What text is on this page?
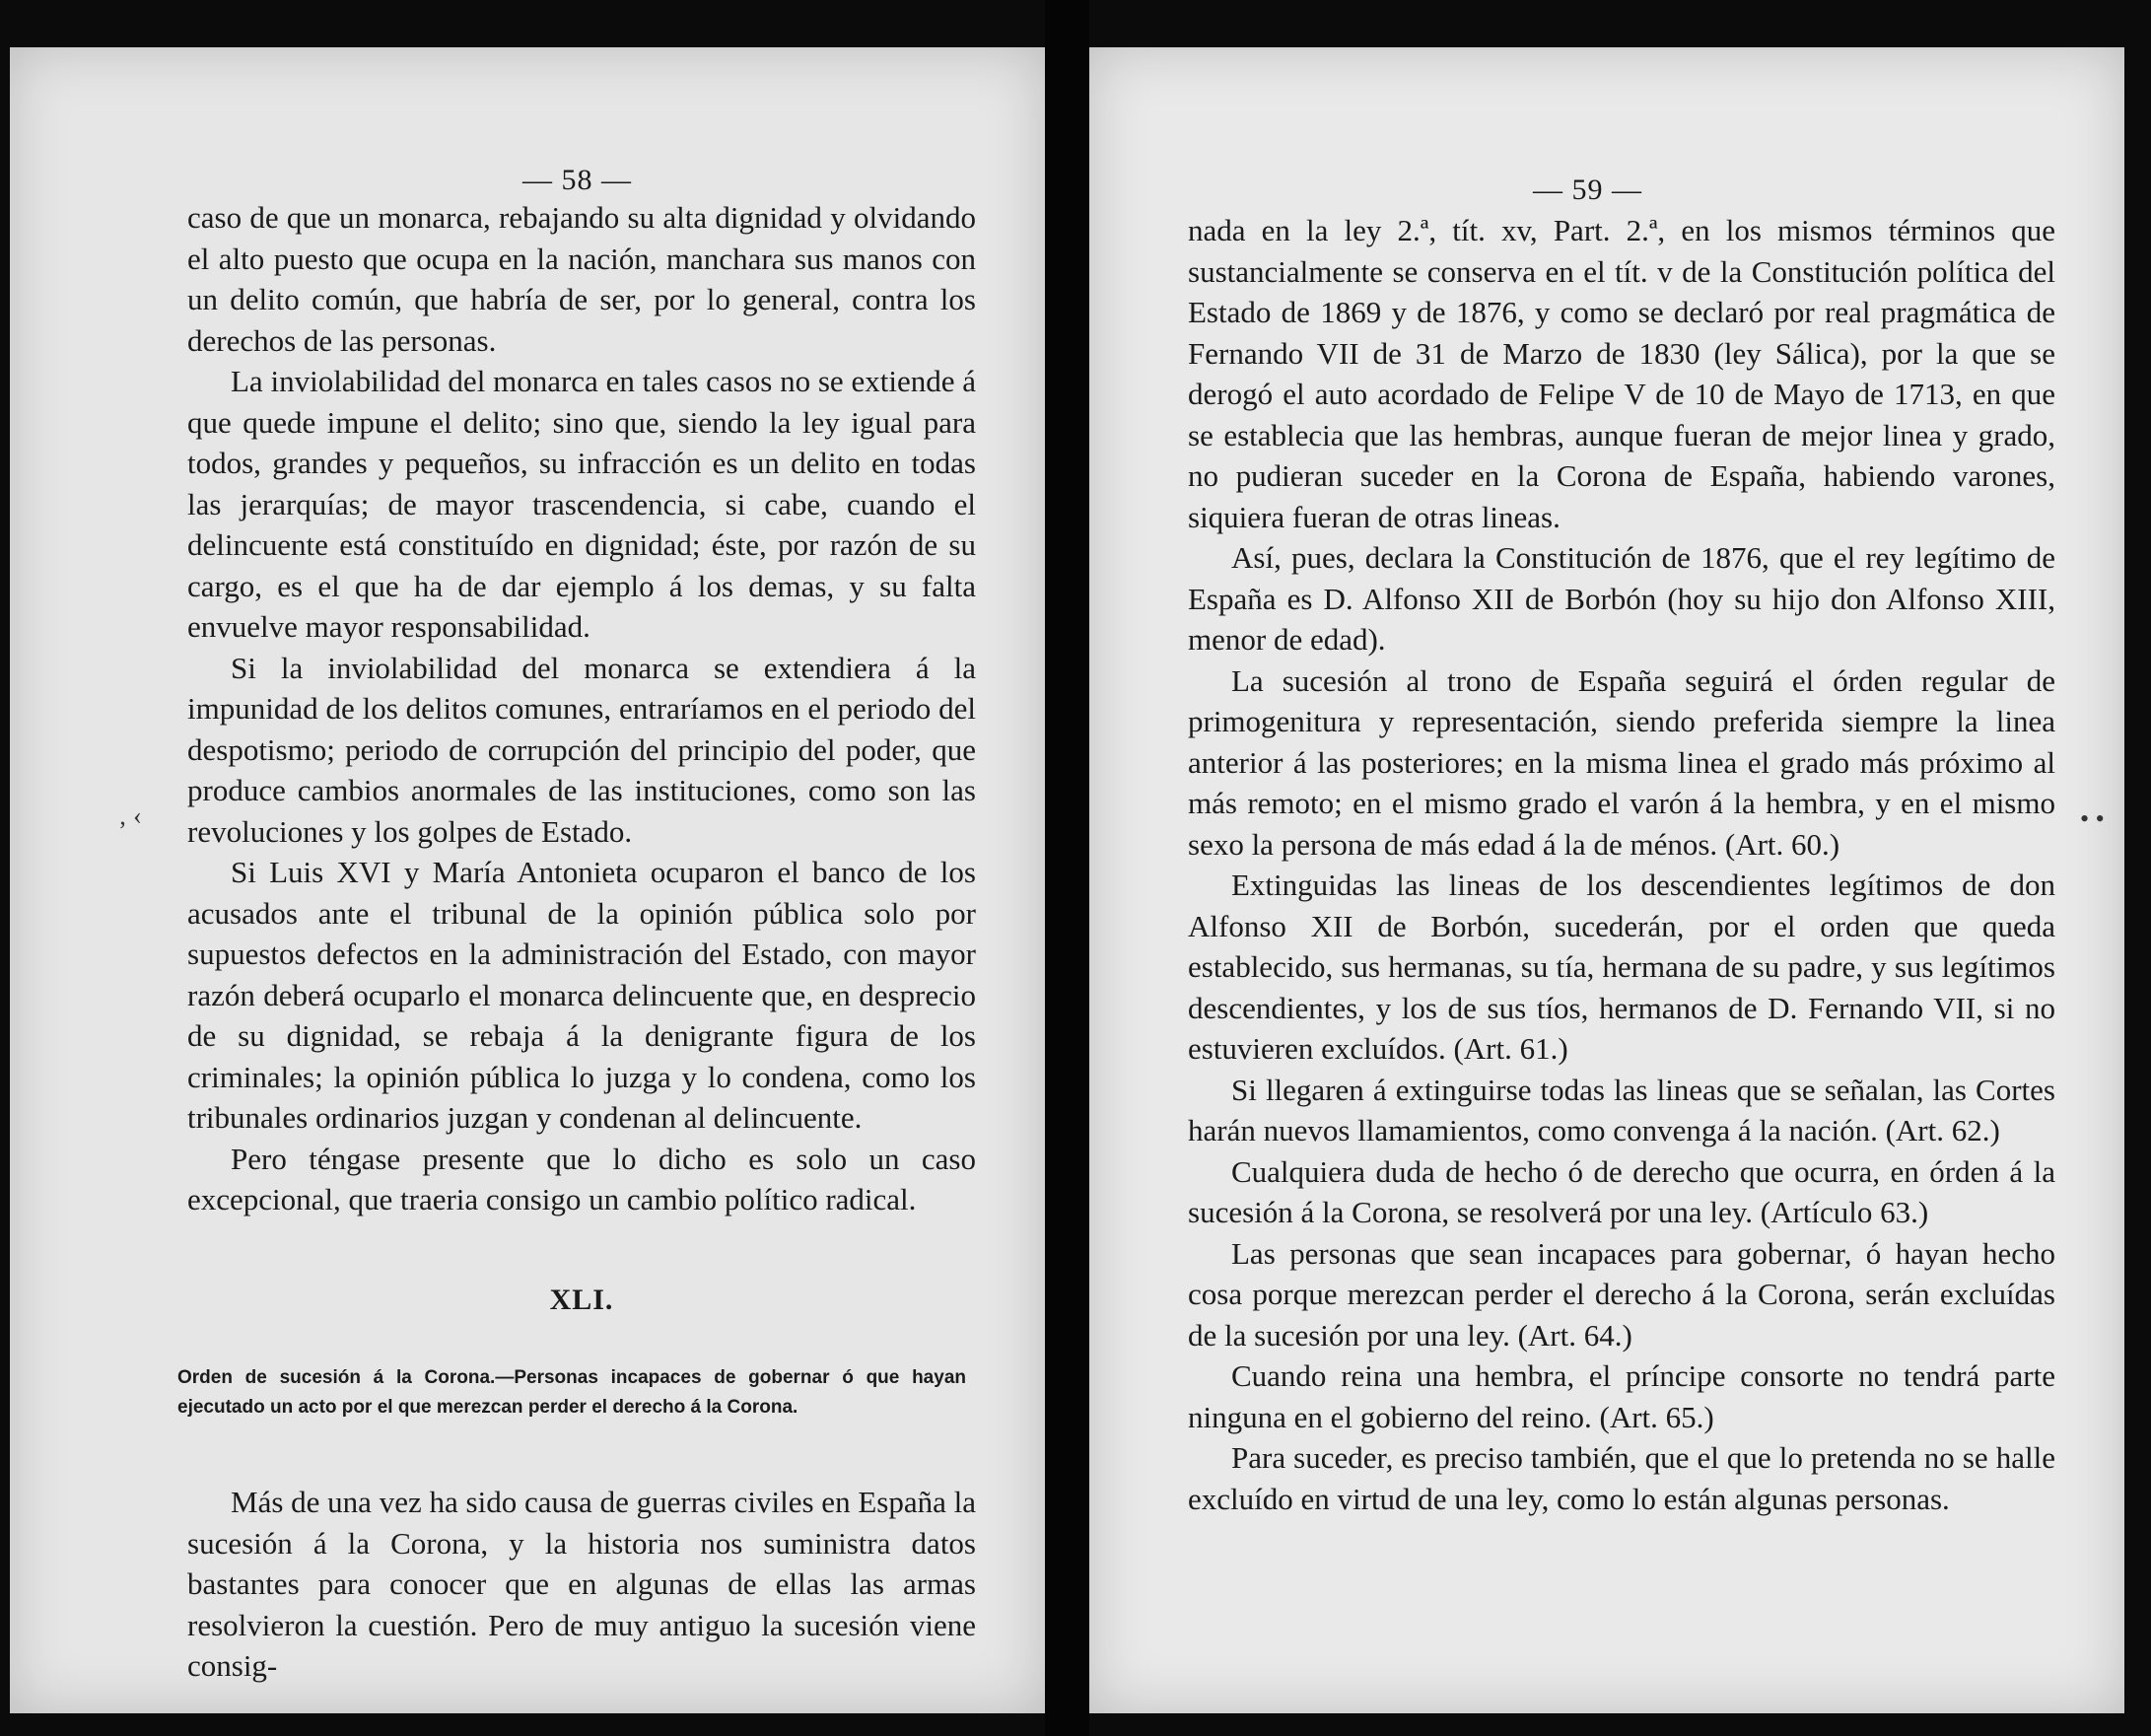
— 58 —
‚ ‹

caso de que un monarca, rebajando su alta dignidad y olvidando el alto puesto que ocupa en la nación, manchara sus manos con un delito común, que habría de ser, por lo general, contra los derechos de las personas.

La inviolabilidad del monarca en tales casos no se extiende á que quede impune el delito; sino que, siendo la ley igual para todos, grandes y pequeños, su infracción es un delito en todas las jerarquías; de mayor trascendencia, si cabe, cuando el delincuente está constituído en dignidad; éste, por razón de su cargo, es el que ha de dar ejemplo á los demas, y su falta envuelve mayor responsabilidad.

Si la inviolabilidad del monarca se extendiera á la impunidad de los delitos comunes, entraríamos en el periodo del despotismo; periodo de corrupción del principio del poder, que produce cambios anormales de las instituciones, como son las revoluciones y los golpes de Estado.

Si Luis XVI y María Antonieta ocuparon el banco de los acusados ante el tribunal de la opinión pública solo por supuestos defectos en la administración del Estado, con mayor razón deberá ocuparlo el monarca delincuente que, en desprecio de su dignidad, se rebaja á la denigrante figura de los criminales; la opinión pública lo juzga y lo condena, como los tribunales ordinarios juzgan y condenan al delincuente.

Pero téngase presente que lo dicho es solo un caso excepcional, que traeria consigo un cambio político radical.

XLI.
Orden de sucesión á la Corona.—Personas incapaces de gobernar ó que hayan ejecutado un acto por el que merezcan perder el derecho á la Corona.

Más de una vez ha sido causa de guerras civiles en España la sucesión á la Corona, y la historia nos suministra datos bastantes para conocer que en algunas de ellas las armas resolvieron la cuestión. Pero de muy antiguo la sucesión viene consig-

— 59 —
• •

nada en la ley 2.ª, tít. xv, Part. 2.ª, en los mismos términos que sustancialmente se conserva en el tít. v de la Constitución política del Estado de 1869 y de 1876, y como se declaró por real pragmática de Fernando VII de 31 de Marzo de 1830 (ley Sálica), por la que se derogó el auto acordado de Felipe V de 10 de Mayo de 1713, en que se establecia que las hembras, aunque fueran de mejor linea y grado, no pudieran suceder en la Corona de España, habiendo varones, siquiera fueran de otras lineas.

Así, pues, declara la Constitución de 1876, que el rey legítimo de España es D. Alfonso XII de Borbón (hoy su hijo don Alfonso XIII, menor de edad).

La sucesión al trono de España seguirá el órden regular de primogenitura y representación, siendo preferida siempre la linea anterior á las posteriores; en la misma linea el grado más próximo al más remoto; en el mismo grado el varón á la hembra, y en el mismo sexo la persona de más edad á la de ménos. (Art. 60.)

Extinguidas las lineas de los descendientes legítimos de don Alfonso XII de Borbón, sucederán, por el orden que queda establecido, sus hermanas, su tía, hermana de su padre, y sus legítimos descendientes, y los de sus tíos, hermanos de D. Fernando VII, si no estuvieren excluídos. (Art. 61.)

Si llegaren á extinguirse todas las lineas que se señalan, las Cortes harán nuevos llamamientos, como convenga á la nación. (Art. 62.)

Cualquiera duda de hecho ó de derecho que ocurra, en órden á la sucesión á la Corona, se resolverá por una ley. (Artículo 63.)

Las personas que sean incapaces para gobernar, ó hayan hecho cosa porque merezcan perder el derecho á la Corona, serán excluídas de la sucesión por una ley. (Art. 64.)

Cuando reina una hembra, el príncipe consorte no tendrá parte ninguna en el gobierno del reino. (Art. 65.)

Para suceder, es preciso también, que el que lo pretenda no se halle excluído en virtud de una ley, como lo están algunas personas.
